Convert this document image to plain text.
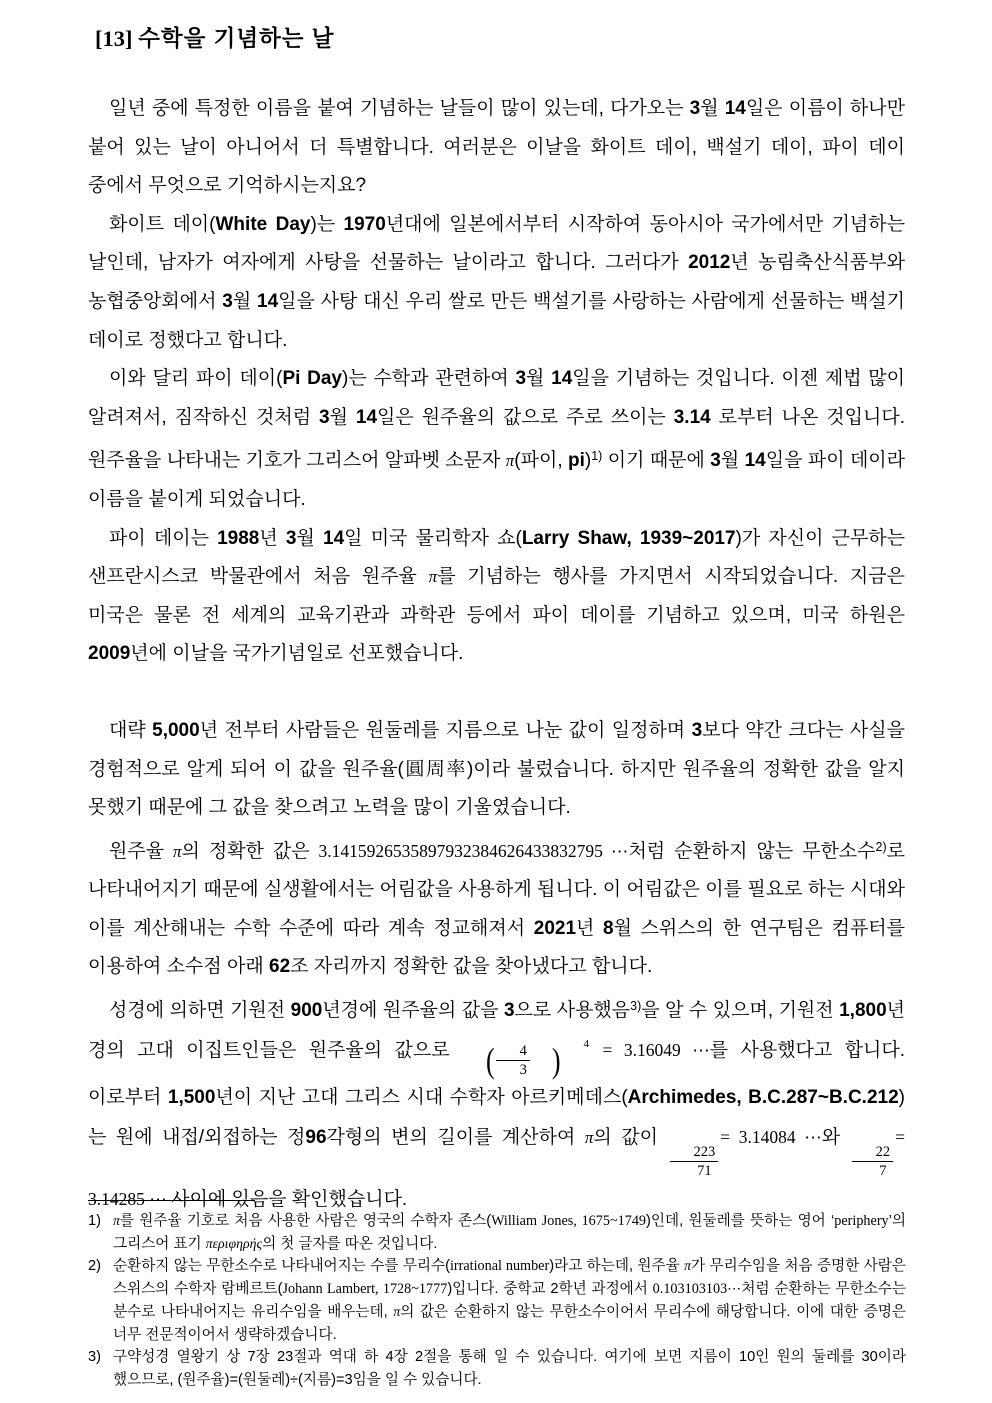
[13] 수학을 기념하는 날

일년 중에 특정한 이름을 붙여 기념하는 날들이 많이 있는데, 다가오는 3월 14일은 이름이 하나만 붙어 있는 날이 아니어서 더 특별합니다. 여러분은 이날을 화이트 데이, 백설기 데이, 파이 데이 중에서 무엇으로 기억하시는지요?

화이트 데이(White Day)는 1970년대에 일본에서부터 시작하여 동아시아 국가에서만 기념하는 날인데, 남자가 여자에게 사탕을 선물하는 날이라고 합니다. 그러다가 2012년 농림축산식품부와 농협중앙회에서 3월 14일을 사탕 대신 우리 쌀로 만든 백설기를 사랑하는 사람에게 선물하는 백설기 데이로 정했다고 합니다.

이와 달리 파이 데이(Pi Day)는 수학과 관련하여 3월 14일을 기념하는 것입니다. 이젠 제법 많이 알려져서, 짐작하신 것처럼 3월 14일은 원주율의 값으로 주로 쓰이는 3.14 로부터 나온 것입니다. 원주율을 나타내는 기호가 그리스어 알파벳 소문자 π(파이, pi)$^{1)}$ 이기 때문에 3월 14일을 파이 데이라 이름을 붙이게 되었습니다.

파이 데이는 1988년 3월 14일 미국 물리학자 쇼(Larry Shaw, 1939~2017)가 자신이 근무하는 샌프란시스코 박물관에서 처음 원주율 π를 기념하는 행사를 가지면서 시작되었습니다. 지금은 미국은 물론 전 세계의 교육기관과 과학관 등에서 파이 데이를 기념하고 있으며, 미국 하원은 2009년에 이날을 국가기념일로 선포했습니다.

대략 5,000년 전부터 사람들은 원둘레를 지름으로 나눈 값이 일정하며 3보다 약간 크다는 사실을 경험적으로 알게 되어 이 값을 원주율(圓周率)이라 불렀습니다. 하지만 원주율의 정확한 값을 알지 못했기 때문에 그 값을 찾으려고 노력을 많이 기울였습니다.

원주율 π의 정확한 값은 3.1415926535897932384626433832795 ⋯처럼 순환하지 않는 무한소수$^{2)}$로 나타내어지기 때문에 실생활에서는 어림값을 사용하게 됩니다. 이 어림값은 이를 필요로 하는 시대와 이를 계산해내는 수학 수준에 따라 계속 정교해져서 2021년 8월 스위스의 한 연구팀은 컴퓨터를 이용하여 소수점 아래 62조 자리까지 정확한 값을 찾아냈다고 합니다.

성경에 의하면 기원전 900년경에 원주율의 값을 3으로 사용했음$^{3)}$을 알 수 있으며, 기원전 1,800년 경의 고대 이집트인들은 원주율의 값으로 ( $\frac{4}{3}$ )	4 = 3.16049 ⋯를 사용했다고 합니다. 이로부터 1,500년이 지난 고대 그리스 시대 수학자 아르키메데스(Archimedes, B.C.287~B.C.212)는 원에 내접/외접하는 정96각형의 변의 길이를 계산하여 π의 값이
$\frac{223}{71}$
= 3.14084 ⋯와
$\frac{22}{7}$
= 3.14285 ⋯ 사이에 있음을 확인했습니다.

1) π를 원주율 기호로 처음 사용한 사람은 영국의 수학자 존스(William Jones, 1675~1749)인데, 원둘레를 뜻하는 영어 ‘periphery’의 그리스어 표기 περιφηρής의 첫 글자를 따온 것입니다.
2) 순환하지 않는 무한소수로 나타내어지는 수를 무리수(irrational number)라고 하는데, 원주율 π가 무리수임을 처음 증명한 사람은 스위스의 수학자 람베르트(Johann Lambert, 1728~1777)입니다. 중학교 2학년 과정에서 0.103103103⋯처럼 순환하는 무한소수는 분수로 나타내어지는 유리수임을 배우는데, π의 값은 순환하지 않는 무한소수이어서 무리수에 해당합니다. 이에 대한 증명은 너무 전문적이어서 생략하겠습니다.
3) 구약성경 열왕기 상 7장 23절과 역대 하 4장 2절을 통해 일 수 있습니다. 여기에 보면 지름이 10인 원의 둘레를 30이라 했으므로, (원주율)=(원둘레)÷(지름)=3임을 일 수 있습니다.
